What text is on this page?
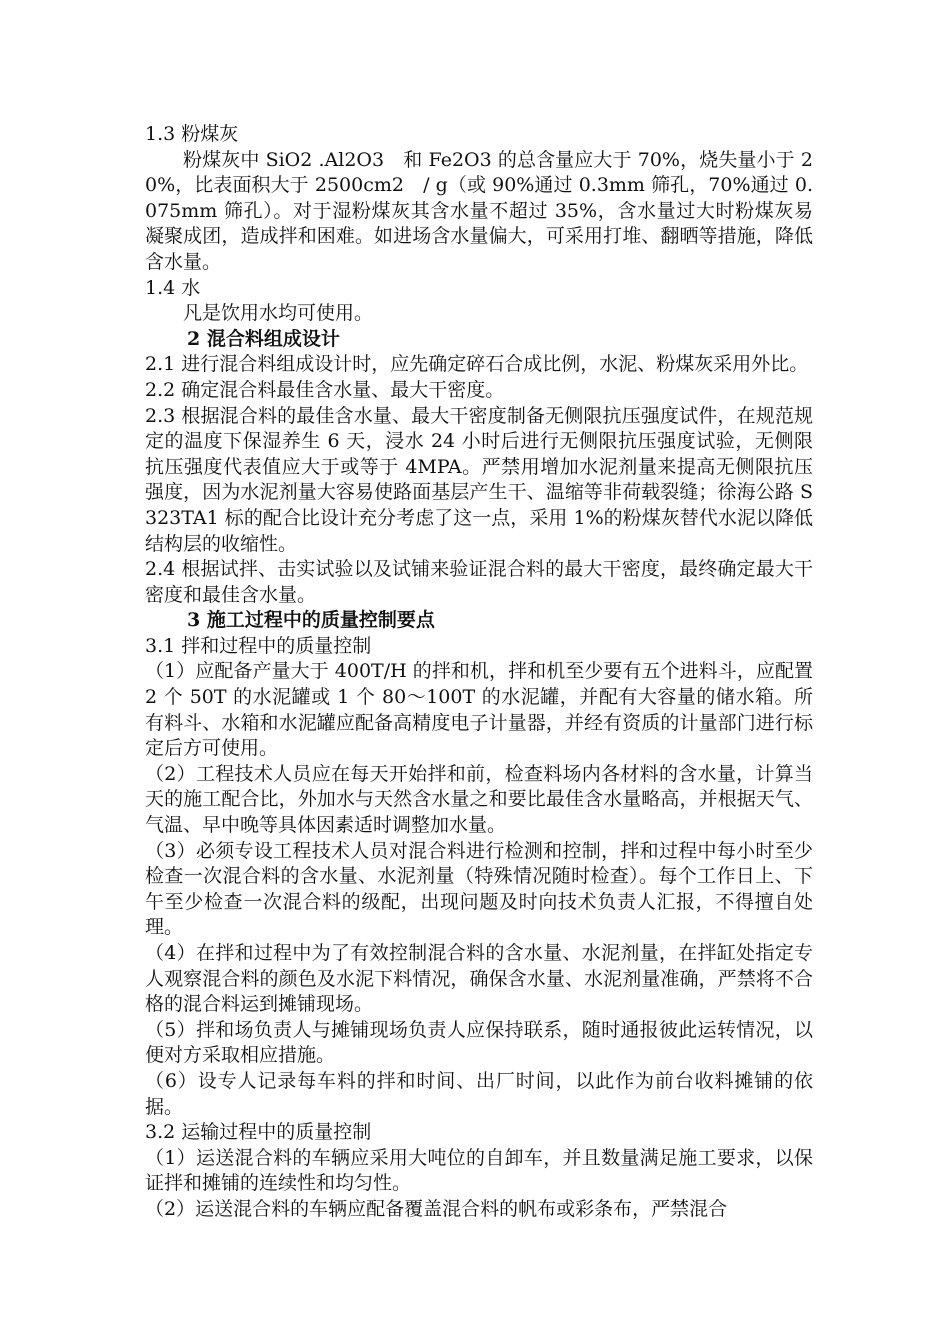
1.3 粉煤灰

粉煤灰中 SiO2 .Al2O3　和 Fe2O3 的总含量应大于 70%，烧失量小于 20%，比表面积大于 2500cm2　/ g（或 90%通过 0.3mm 筛孔，70%通过 0.075mm 筛孔）。对于湿粉煤灰其含水量不超过 35%，含水量过大时粉煤灰易凝聚成团，造成拌和困难。如进场含水量偏大，可采用打堆、翻晒等措施，降低含水量。

1.4 水

凡是饮用水均可使用。

2 混合料组成设计

2.1 进行混合料组成设计时，应先确定碎石合成比例，水泥、粉煤灰采用外比。

2.2 确定混合料最佳含水量、最大干密度。

2.3 根据混合料的最佳含水量、最大干密度制备无侧限抗压强度试件，在规范规定的温度下保湿养生 6 天，浸水 24 小时后进行无侧限抗压强度试验，无侧限抗压强度代表值应大于或等于 4MPA。严禁用增加水泥剂量来提高无侧限抗压强度，因为水泥剂量大容易使路面基层产生干、温缩等非荷载裂缝；徐海公路 S323TA1 标的配合比设计充分考虑了这一点，采用 1%的粉煤灰替代水泥以降低结构层的收缩性。

2.4 根据试拌、击实试验以及试铺来验证混合料的最大干密度，最终确定最大干密度和最佳含水量。

3 施工过程中的质量控制要点

3.1 拌和过程中的质量控制

（1）应配备产量大于 400T/H 的拌和机，拌和机至少要有五个进料斗，应配置 2 个 50T 的水泥罐或 1 个 80～100T 的水泥罐，并配有大容量的储水箱。所有料斗、水箱和水泥罐应配备高精度电子计量器，并经有资质的计量部门进行标定后方可使用。

（2）工程技术人员应在每天开始拌和前，检查料场内各材料的含水量，计算当天的施工配合比，外加水与天然含水量之和要比最佳含水量略高，并根据天气、气温、早中晚等具体因素适时调整加水量。

（3）必须专设工程技术人员对混合料进行检测和控制，拌和过程中每小时至少检查一次混合料的含水量、水泥剂量（特殊情况随时检查）。每个工作日上、下午至少检查一次混合料的级配，出现问题及时向技术负责人汇报，不得擅自处理。

（4）在拌和过程中为了有效控制混合料的含水量、水泥剂量，在拌缸处指定专人观察混合料的颜色及水泥下料情况，确保含水量、水泥剂量准确，严禁将不合格的混合料运到摊铺现场。

（5）拌和场负责人与摊铺现场负责人应保持联系，随时通报彼此运转情况，以便对方采取相应措施。

（6）设专人记录每车料的拌和时间、出厂时间，以此作为前台收料摊铺的依据。

3.2 运输过程中的质量控制

（1）运送混合料的车辆应采用大吨位的自卸车，并且数量满足施工要求，以保证拌和摊铺的连续性和均匀性。

（2）运送混合料的车辆应配备覆盖混合料的帆布或彩条布，严禁混合
